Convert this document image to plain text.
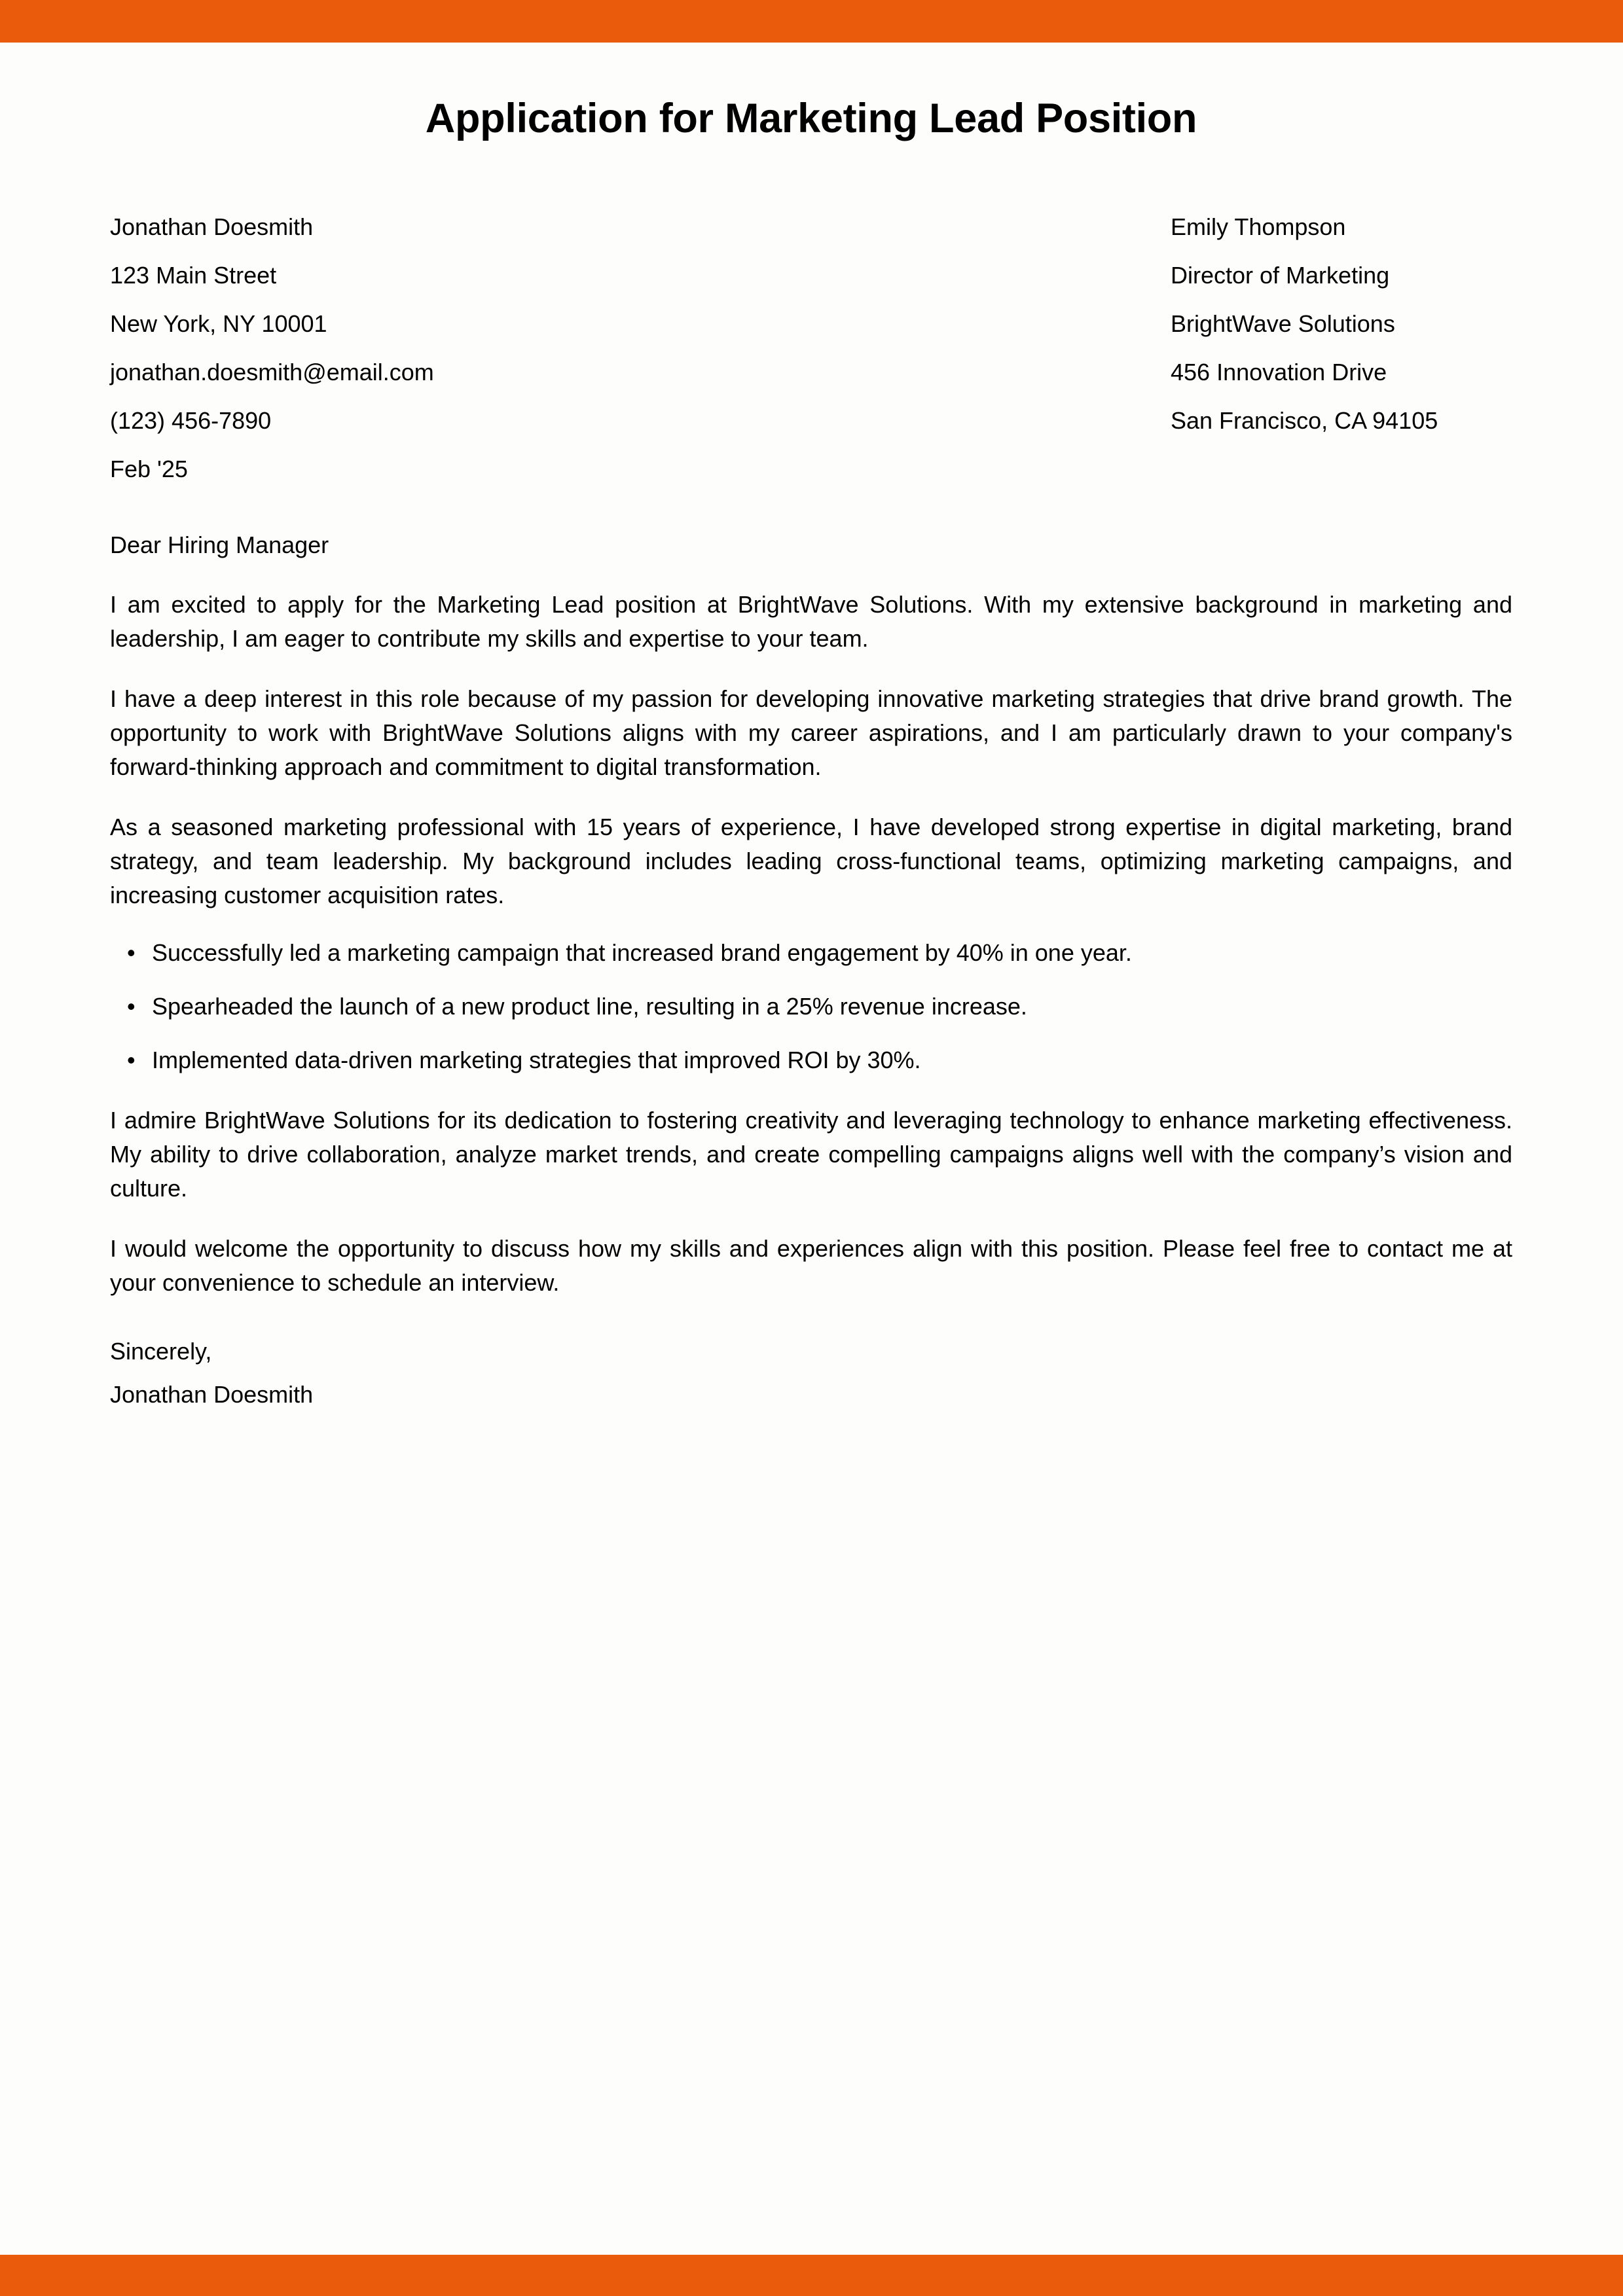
Application for Marketing Lead Position
Jonathan Doesmith
123 Main Street
New York, NY 10001
jonathan.doesmith@email.com
(123) 456-7890
Feb '25
Emily Thompson
Director of Marketing
BrightWave Solutions
456 Innovation Drive
San Francisco, CA 94105
Dear Hiring Manager

I am excited to apply for the Marketing Lead position at BrightWave Solutions. With my extensive background in marketing and leadership, I am eager to contribute my skills and expertise to your team.

I have a deep interest in this role because of my passion for developing innovative marketing strategies that drive brand growth. The opportunity to work with BrightWave Solutions aligns with my career aspirations, and I am particularly drawn to your company's forward-thinking approach and commitment to digital transformation.

As a seasoned marketing professional with 15 years of experience, I have developed strong expertise in digital marketing, brand strategy, and team leadership. My background includes leading cross-functional teams, optimizing marketing campaigns, and increasing customer acquisition rates.

• Successfully led a marketing campaign that increased brand engagement by 40% in one year.
• Spearheaded the launch of a new product line, resulting in a 25% revenue increase.
• Implemented data-driven marketing strategies that improved ROI by 30%.

I admire BrightWave Solutions for its dedication to fostering creativity and leveraging technology to enhance marketing effectiveness. My ability to drive collaboration, analyze market trends, and create compelling campaigns aligns well with the company’s vision and culture.

I would welcome the opportunity to discuss how my skills and experiences align with this position. Please feel free to contact me at your convenience to schedule an interview.

Sincerely,
Jonathan Doesmith
